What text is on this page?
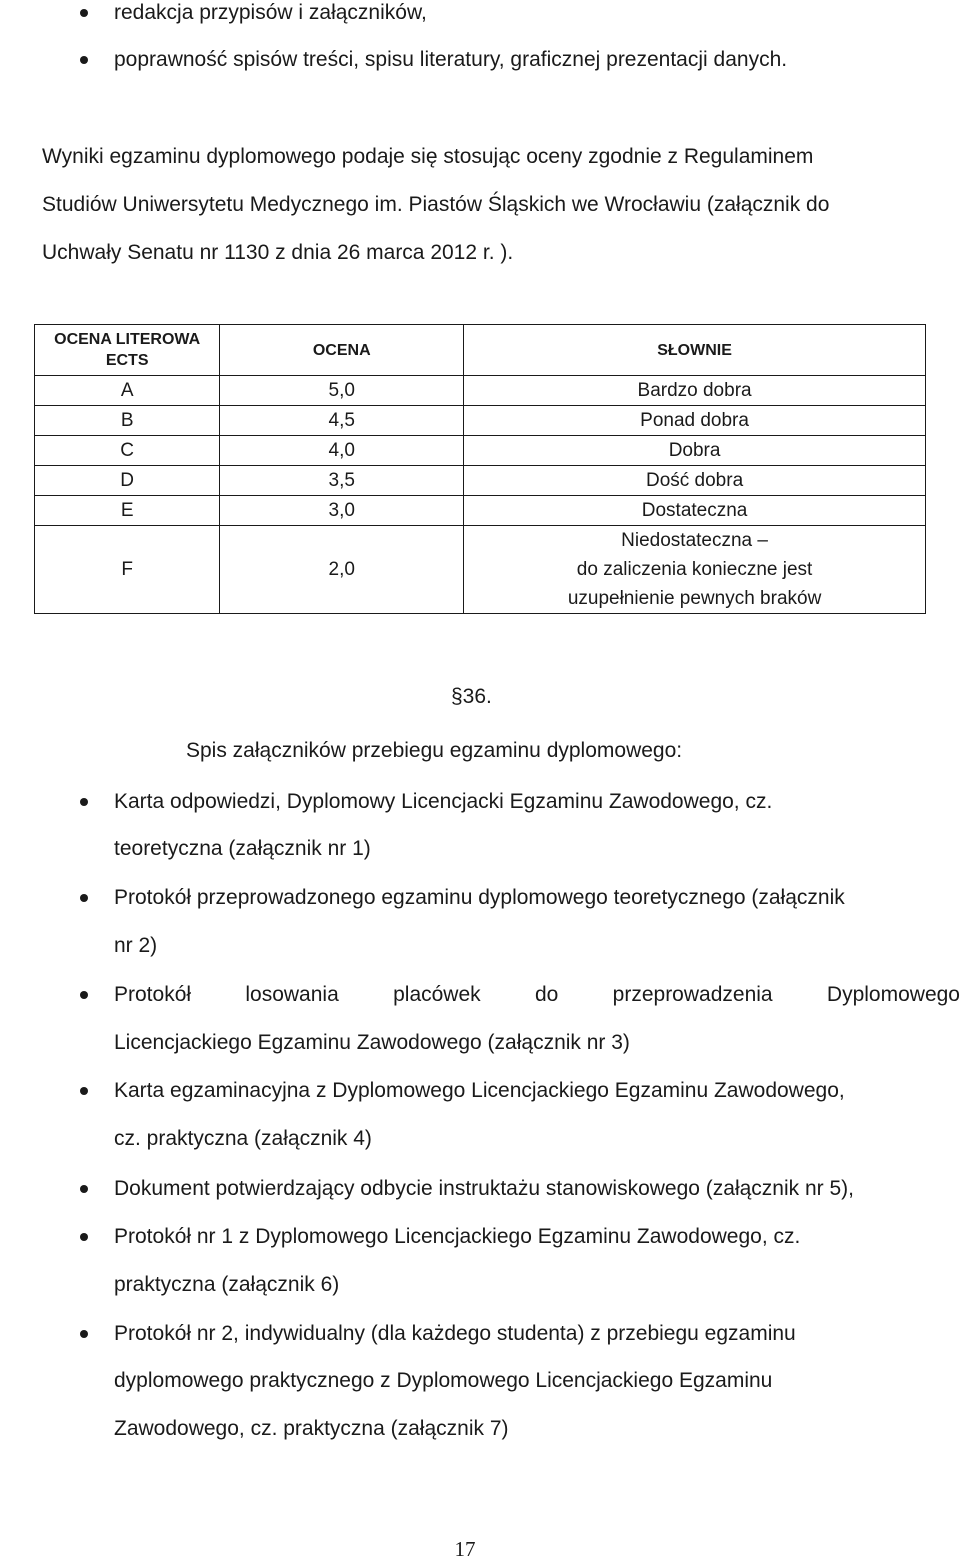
redakcja przypisów i załączników,
poprawność spisów treści, spisu literatury, graficznej prezentacji danych.
Wyniki egzaminu dyplomowego podaje się stosując oceny zgodnie z Regulaminem
Studiów Uniwersytetu Medycznego im. Piastów Śląskich we Wrocławiu (załącznik do
Uchwały Senatu nr 1130 z dnia 26 marca 2012 r. ).
OCENA LITEROWA
ECTS	OCENA	SŁOWNIE
A	5,0	Bardzo dobra
B	4,5	Ponad dobra
C	4,0	Dobra
D	3,5	Dość dobra
E	3,0	Dostateczna
F	2,0	Niedostateczna –
do zaliczenia konieczne jest
uzupełnienie pewnych braków
§36.
Spis załączników przebiegu egzaminu dyplomowego:
Karta odpowiedzi, Dyplomowy Licencjacki Egzaminu Zawodowego, cz.
teoretyczna (załącznik nr 1)
Protokół przeprowadzonego egzaminu dyplomowego teoretycznego (załącznik
nr 2)
Protokół losowania placówek do przeprowadzenia Dyplomowego
Licencjackiego Egzaminu Zawodowego (załącznik nr 3)
Karta egzaminacyjna z Dyplomowego Licencjackiego Egzaminu Zawodowego,
cz. praktyczna (załącznik 4)
Dokument potwierdzający odbycie instruktażu stanowiskowego (załącznik nr 5),
Protokół nr 1 z Dyplomowego Licencjackiego Egzaminu Zawodowego, cz.
praktyczna (załącznik 6)
Protokół nr 2, indywidualny (dla każdego studenta) z przebiegu egzaminu
dyplomowego praktycznego z Dyplomowego Licencjackiego Egzaminu
Zawodowego, cz. praktyczna (załącznik 7)
17
